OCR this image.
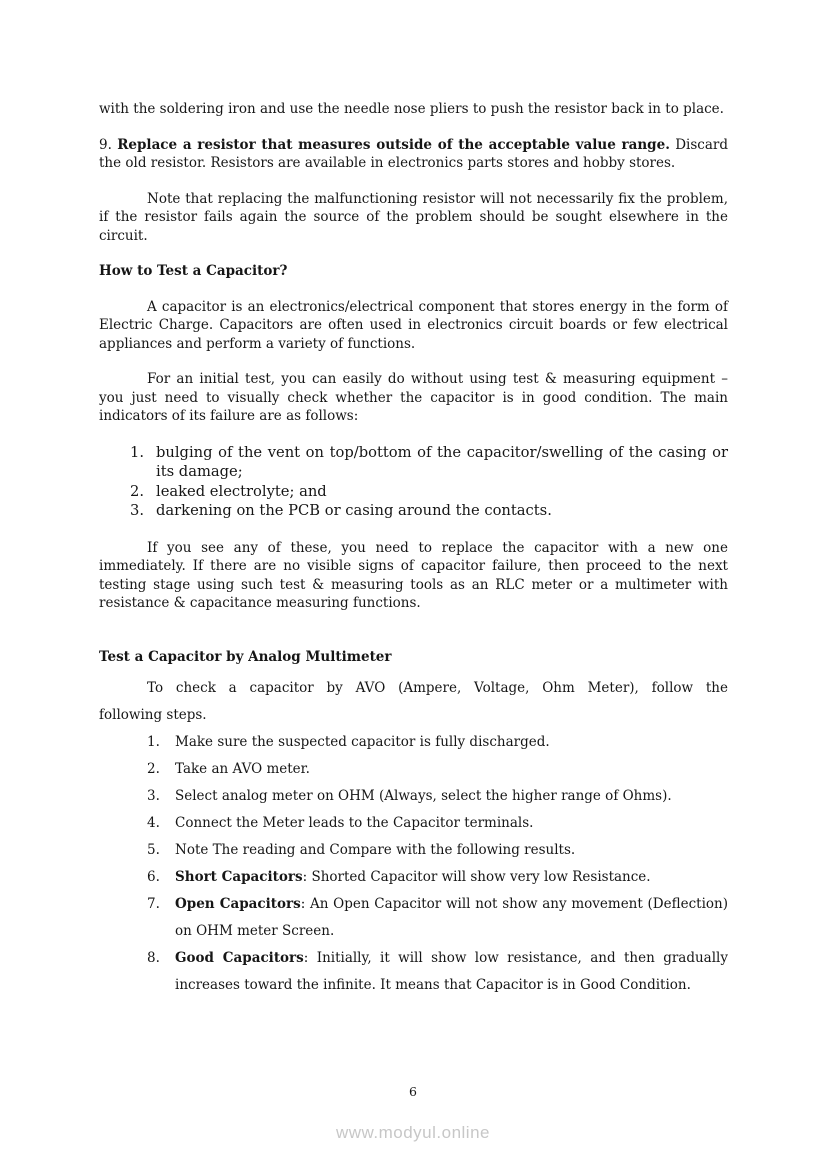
with the soldering iron and use the needle nose pliers to push the resistor back in to place.

9. Replace a resistor that measures outside of the acceptable value range. Discard the old resistor. Resistors are available in electronics parts stores and hobby stores.

Note that replacing the malfunctioning resistor will not necessarily fix the problem, if the resistor fails again the source of the problem should be sought elsewhere in the circuit.

How to Test a Capacitor?

A capacitor is an electronics/electrical component that stores energy in the form of Electric Charge. Capacitors are often used in electronics circuit boards or few electrical appliances and perform a variety of functions.

For an initial test, you can easily do without using test & measuring equipment – you just need to visually check whether the capacitor is in good condition. The main indicators of its failure are as follows:

bulging of the vent on top/bottom of the capacitor/swelling of the casing or its damage;
leaked electrolyte; and
darkening on the PCB or casing around the contacts.

If you see any of these, you need to replace the capacitor with a new one immediately. If there are no visible signs of capacitor failure, then proceed to the next testing stage using such test & measuring tools as an RLC meter or a multimeter with resistance & capacitance measuring functions.

Test a Capacitor by Analog Multimeter

To check a capacitor by AVO (Ampere, Voltage, Ohm Meter), follow the
following steps.

Make sure the suspected capacitor is fully discharged.
Take an AVO meter.
Select analog meter on OHM (Always, select the higher range of Ohms).
Connect the Meter leads to the Capacitor terminals.
Note The reading and Compare with the following results.
Short Capacitors: Shorted Capacitor will show very low Resistance.
Open Capacitors: An Open Capacitor will not show any movement (Deflection) on OHM meter Screen.
Good Capacitors: Initially, it will show low resistance, and then gradually increases toward the infinite. It means that Capacitor is in Good Condition.
6
www.modyul.online
